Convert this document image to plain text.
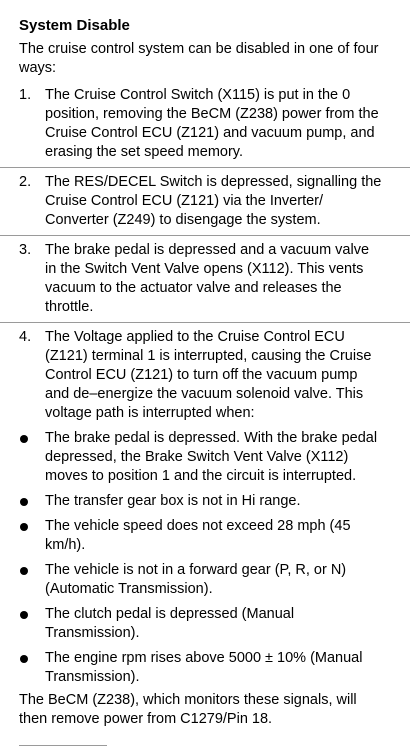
System Disable
The cruise control system can be disabled in one of four ways:
1. The Cruise Control Switch (X115) is put in the 0 position, removing the BeCM (Z238) power from the Cruise Control ECU (Z121) and vacuum pump, and erasing the set speed memory.
2. The RES/DECEL Switch is depressed, signalling the Cruise Control ECU (Z121) via the Inverter/ Converter (Z249) to disengage the system.
3. The brake pedal is depressed and a vacuum valve in the Switch Vent Valve opens (X112). This vents vacuum to the actuator valve and releases the throttle.
4. The Voltage applied to the Cruise Control ECU (Z121) terminal 1 is interrupted, causing the Cruise Control ECU (Z121) to turn off the vacuum pump and de–energize the vacuum solenoid valve. This voltage path is interrupted when:
The brake pedal is depressed. With the brake pedal depressed, the Brake Switch Vent Valve (X112) moves to position 1 and the circuit is interrupted.
The transfer gear box is not in Hi range.
The vehicle speed does not exceed 28 mph (45 km/h).
The vehicle is not in a forward gear (P, R, or N) (Automatic Transmission).
The clutch pedal is depressed (Manual Transmission).
The engine rpm rises above 5000 ± 10% (Manual Transmission).
The BeCM (Z238), which monitors these signals, will then remove power from C1279/Pin 18.
